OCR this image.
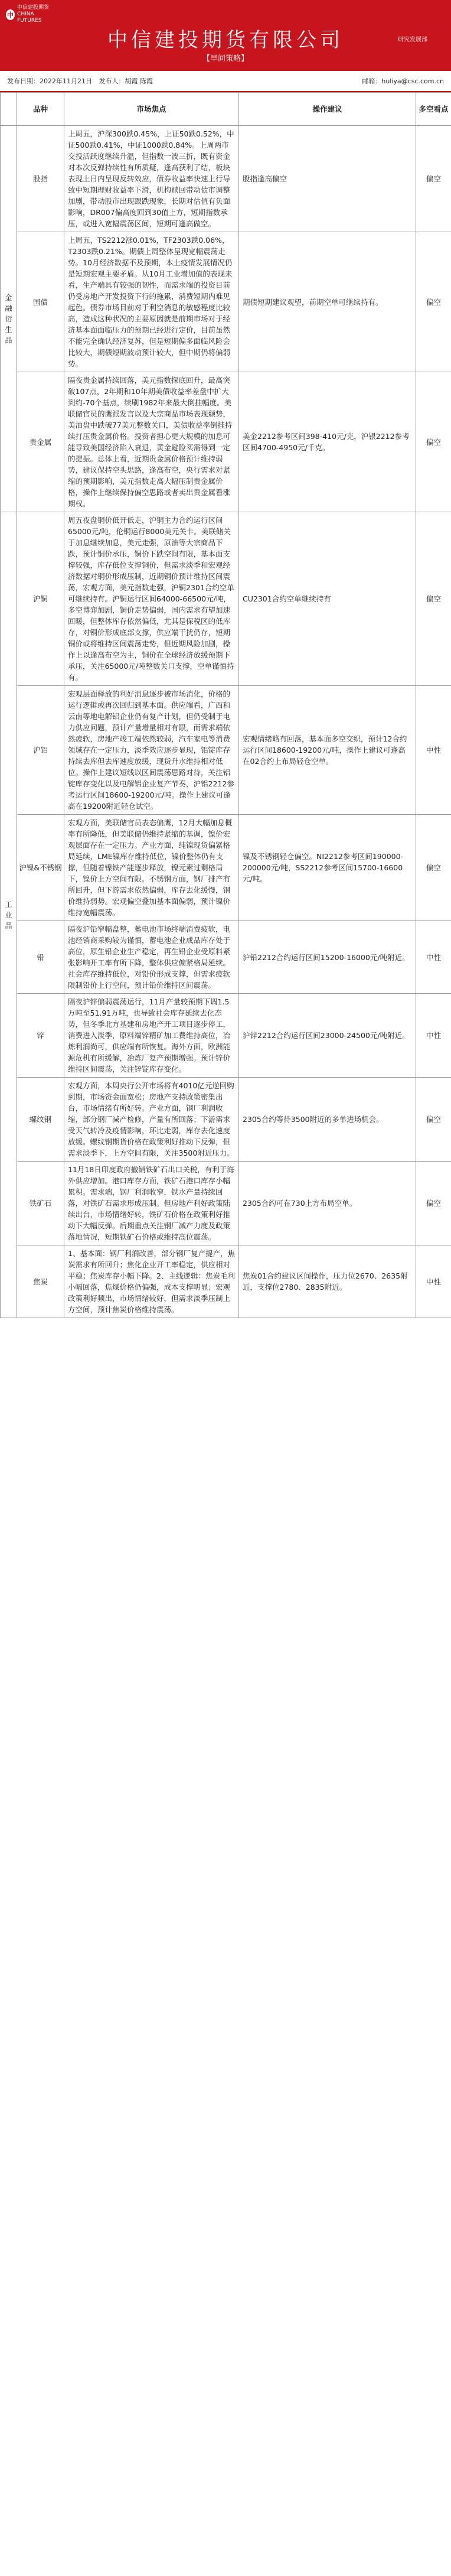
中
中信建投期货
CHINA FUTURES
中信建投期货有限公司	研究发展部
【早间策略】
发布日期：2022年11月21日 发布人：胡霞 陈霞	邮箱：huliya@csc.com.cn
	品种	市场焦点	操作建议	多空看点
金融衍生品	股指	上周五，沪深300跌0.45%，上证50跌0.52%，中证500跌0.41%，中证1000跌0.84%。上周两市交投活跃度继续升温，但指数一波三折，既有资金对本次反弹持续性有所质疑，逢高获利了结，板块表现上日内呈现反转效应，债券收益率快速上行导致中短期理财收益率下滑，机构赎回带动债市调整加剧，带动股市出现跟跌现象，长期对估值有负面影响，DR007偏高度回到30值上方，短期指数承压，或进入宽幅震荡区间，短期可逢高做空。	股指逢高偏空	偏空
	国债	上周五，TS2212涨0.01%，TF2303跌0.06%，T2303跌0.21%。期债上周整体呈现宽幅震荡走势。10月经济数据不及预期，本土疫情发展情况仍是短期宏观主要矛盾。从10月工业增加值的表现来看，生产端具有较强的韧性，而需求端的投资目前仍受房地产开发投资下行的拖累，消费短期内难见起色。债券市场目前对于利空消息的敏感程度比较高，造成这种状况的主要原因就是前期市场对于经济基本面面临压力的预期已经进行定价，目前虽然不能完全确认经济复苏，但是短期偏多面临风险会比较大，期债短期波动预计较大，但中期仍将偏弱势。	期债短期建议观望，前期空单可继续持有。	偏空
	贵金属	隔夜贵金属持续回落，美元指数探底回升，最高突破107点，2年期和10年期美债收益率差盘中扩大到约-70个基点，续刷1982年来最大倒挂幅度。美联储官员的鹰派发言以及大宗商品市场表现颓势，美油盘中跌破77美元整数关口，美债收益率倒挂持续打压贵金属价格。投资者担心更大规模的加息可能导致美国经济陷入衰退，黄金避险买需得到一定的提振。总体上看，近期贵金属价格预计维持弱势，建议保持空头思路，逢高布空，央行需求对紧缩的预期影响，美元指数走高大幅压制贵金属价格，操作上继续保持偏空思路或者卖出贵金属看涨期权。	美金2212参考区间398-410元/克，沪银2212参考区间4700-4950元/千克。	偏空
工业品	沪铜	周五夜盘铜价低开低走，沪铜主力合约运行区间65000元/吨，伦铜运行8000美元关卡。美联储关于加息继续加息，美元走强，原油等大宗商品下跌，预计铜价承压，铜价下跌空间有限，基本面支撑较强，库存低位支撑铜价，但需求淡季和宏观经济数据对铜价形成压制，近期铜价预计维持区间震荡，宏观方面，美元指数走强，沪铜2301合约空单可继续持有。沪铜运行区间64000-66500元/吨，多空博弈加剧，铜价走势偏弱，国内需求有望加速回暖，但整体库存依然偏低，尤其是保税区的低库存，对铜价形成底部支撑，供应端干扰仍存，短期铜价或将维持区间震荡走势，但近期风险加剧，操作上以逢高布空为主，铜价在全球经济放缓预期下承压，关注65000元/吨整数关口支撑，空单谨慎持有。	CU2301合约空单继续持有	偏空
	沪铝	宏观层面释放的利好消息逐步被市场消化，价格的运行逻辑或再次回归到基本面。供应端看，广西和云南等地电解铝企业仍有复产计划，但仍受制于电力供应问题，预计产量增量相对有限，而需求端依然疲软，房地产竣工端依然较弱，汽车家电等消费领域存在一定压力，淡季效应逐步显现，铝锭库存持续去库但去库速度放缓，现货升水维持相对低位。操作上建议短线以区间震荡思路对待，关注铝锭库存变化以及电解铝企业复产节奏，沪铝2212参考运行区间18600-19200元/吨。操作上建议可逢高在19200附近轻仓试空。	宏观情绪略有回落，基本面多空交织，预计12合约运行区间18600-19200元/吨，操作上建议可逢高在02合约上布局轻仓空单。	中性
	沪镍&不锈钢	宏观方面，美联储官员表态偏鹰，12月大幅加息概率有所降低，但美联储仍维持紧缩的基调，镍价宏观层面存在一定压力。产业方面，纯镍现货偏紧格局延续，LME镍库存维持低位，镍价整体仍有支撑，但随着镍铁产能逐步释放，镍元素过剩格局下，镍价上方空间有限。不锈钢方面，钢厂排产有所回升，但下游需求依然偏弱，库存去化缓慢，钢价维持弱势。宏观偏空叠加基本面偏弱，预计镍价维持宽幅震荡。	镍及不锈钢轻仓偏空。NI2212参考区间190000-200000元/吨，SS2212参考区间15700-16600元/吨。	偏空
	铅	隔夜沪铅窄幅盘整，蓄电池市场终端消费疲软，电池经销商采购较为谨慎，蓄电池企业成品库存处于高位，原生铅企业生产稳定，再生铅企业受原料紧张影响开工率有所下降，整体供应偏紧格局延续。社会库存维持低位，对铅价形成支撑，但需求疲软限制铅价上行空间，预计铅价维持区间震荡。	沪铅2212合约运行区间15200-16000元/吨附近。	中性
	锌	隔夜沪锌偏弱震荡运行，11月产量较预期下调1.5万吨至51.91万吨，也导致社会库存延续去化态势，但冬季北方基建和房地产开工项目逐步停工，消费进入淡季，原料端锌精矿加工费维持高位，冶炼利润尚可，供应端有所恢复。海外方面，欧洲能源危机有所缓解，冶炼厂复产预期增强。预计锌价维持区间震荡，关注锌锭库存变化。	沪锌2212合约运行区间23000-24500元/吨附近。	中性
	螺纹钢	宏观方面，本周央行公开市场将有4010亿元逆回购到期，市场资金面宽松；房地产支持政策密集出台，市场情绪有所好转。产业方面，钢厂利润收缩，部分钢厂减产检修，产量有所回落；下游需求受天气转冷及疫情影响，环比走弱，库存去化速度放缓。螺纹钢期货价格在政策利好推动下反弹，但需求淡季下，上方空间有限，关注3500附近压力。	2305合约等待3500附近的多单进场机会。	偏空
	铁矿石	11月18日印度政府撤销铁矿石出口关税，有利于海外供应增加。港口库存方面，铁矿石港口库存小幅累积。需求端，钢厂利润收窄，铁水产量持续回落，对铁矿石需求形成压制。但房地产利好政策陆续出台，市场情绪好转，铁矿石价格在政策利好推动下大幅反弹。后期重点关注钢厂减产力度及政策落地情况，短期铁矿石价格或维持高位震荡。	2305合约可在730上方布局空单。	偏空
	焦炭	1、基本面：钢厂利润改善，部分钢厂复产提产，焦炭需求有所回升；焦化企业开工率稳定，供应相对平稳；焦炭库存小幅下降。2、主线逻辑：焦炭毛利小幅回落，焦煤价格仍偏强，成本支撑明显；宏观政策利好频出，市场情绪较好，但需求淡季压制上方空间，预计焦炭价格维持震荡。	焦炭01合约建议区间操作，压力位2670、2635附近，支撑位2780、2835附近。	中性
